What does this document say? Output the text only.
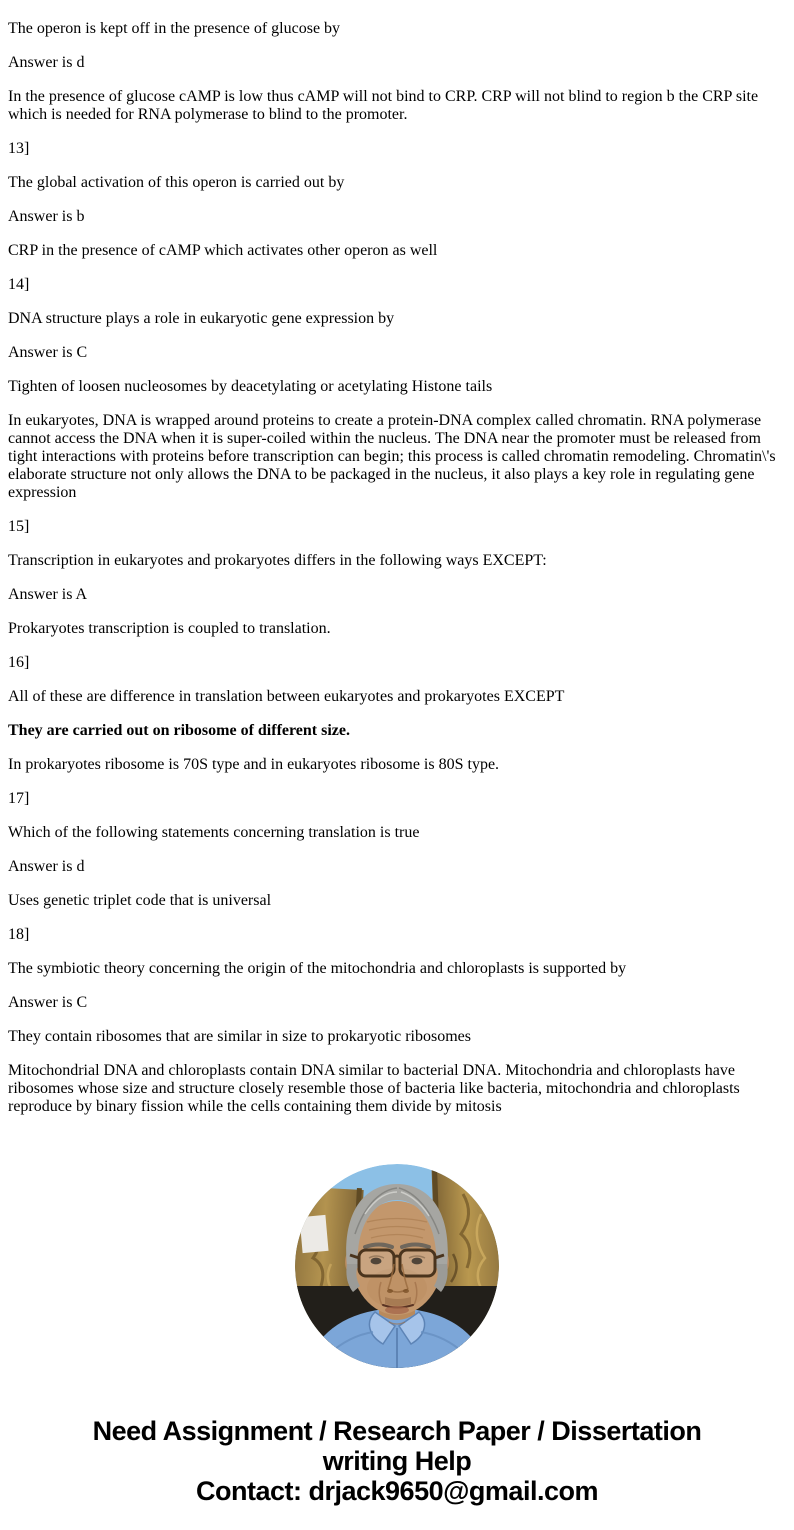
The operon is kept off in the presence of glucose by

Answer is d

In the presence of glucose cAMP is low thus cAMP will not bind to CRP. CRP will not blind to region b the CRP site which is needed for RNA polymerase to blind to the promoter.

13]

The global activation of this operon is carried out by

Answer is b

CRP in the presence of cAMP which activates other operon as well

14]

DNA structure plays a role in eukaryotic gene expression by

Answer is C

Tighten of loosen nucleosomes by deacetylating or acetylating Histone tails

In eukaryotes, DNA is wrapped around proteins to create a protein-DNA complex called chromatin. RNA polymerase cannot access the DNA when it is super-coiled within the nucleus. The DNA near the promoter must be released from tight interactions with proteins before transcription can begin; this process is called chromatin remodeling. Chromatin\'s elaborate structure not only allows the DNA to be packaged in the nucleus, it also plays a key role in regulating gene expression

15]

Transcription in eukaryotes and prokaryotes differs in the following ways EXCEPT:

Answer is A

Prokaryotes transcription is coupled to translation.

16]

All of these are difference in translation between eukaryotes and prokaryotes EXCEPT

They are carried out on ribosome of different size.

In prokaryotes ribosome is 70S type and in eukaryotes ribosome is 80S type.

17]

Which of the following statements concerning translation is true

Answer is d

Uses genetic triplet code that is universal

18]

The symbiotic theory concerning the origin of the mitochondria and chloroplasts is supported by

Answer is C

They contain ribosomes that are similar in size to prokaryotic ribosomes

Mitochondrial DNA and chloroplasts contain DNA similar to bacterial DNA. Mitochondria and chloroplasts have ribosomes whose size and structure closely resemble those of bacteria like bacteria, mitochondria and chloroplasts reproduce by binary fission while the cells containing them divide by mitosis

Need Assignment / Research Paper / Dissertation
writing Help
Contact: drjack9650@gmail.com
